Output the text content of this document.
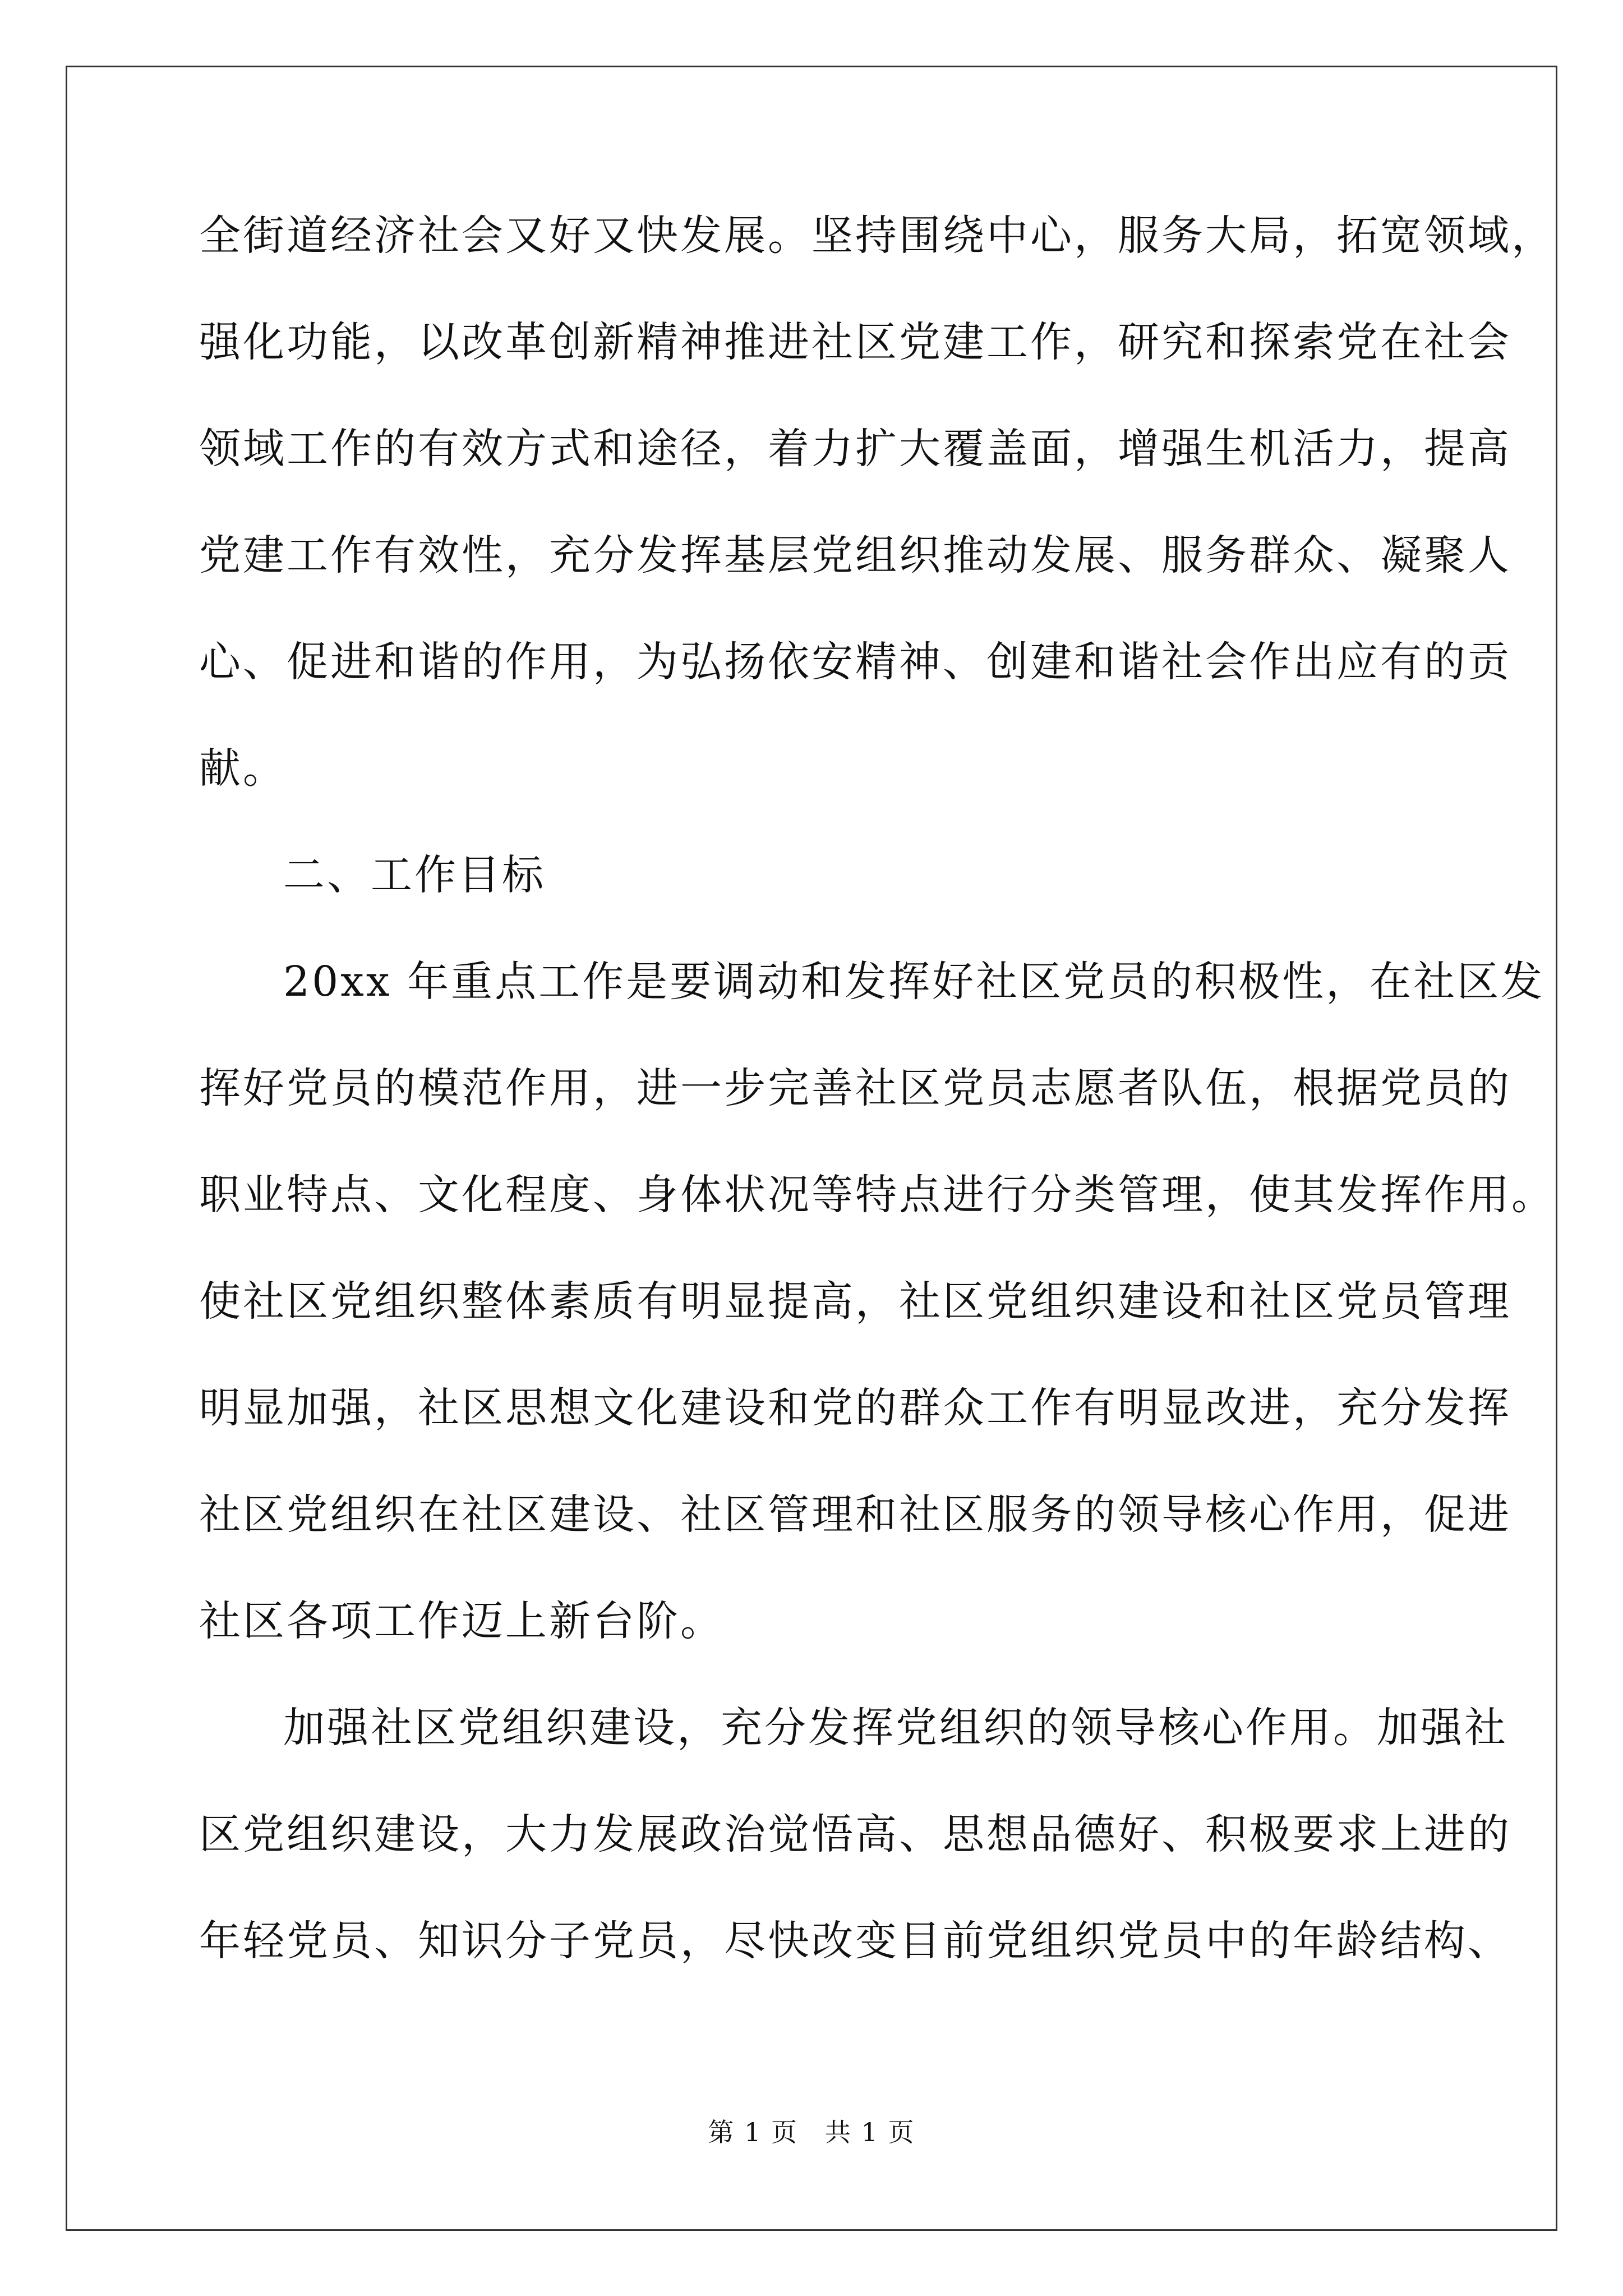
全街道经济社会又好又快发展。坚持围绕中心，服务大局，拓宽领域，
强化功能，以改革创新精神推进社区党建工作，研究和探索党在社会
领域工作的有效方式和途径，着力扩大覆盖面，增强生机活力，提高
党建工作有效性，充分发挥基层党组织推动发展、服务群众、凝聚人
心、促进和谐的作用，为弘扬依安精神、创建和谐社会作出应有的贡
献。
二、工作目标
20xx 年重点工作是要调动和发挥好社区党员的积极性，在社区发
挥好党员的模范作用，进一步完善社区党员志愿者队伍，根据党员的
职业特点、文化程度、身体状况等特点进行分类管理，使其发挥作用。
使社区党组织整体素质有明显提高，社区党组织建设和社区党员管理
明显加强，社区思想文化建设和党的群众工作有明显改进，充分发挥
社区党组织在社区建设、社区管理和社区服务的领导核心作用，促进
社区各项工作迈上新台阶。
加强社区党组织建设，充分发挥党组织的领导核心作用。加强社
区党组织建设，大力发展政治觉悟高、思想品德好、积极要求上进的
年轻党员、知识分子党员，尽快改变目前党组织党员中的年龄结构、
第 1 页　共 1 页
